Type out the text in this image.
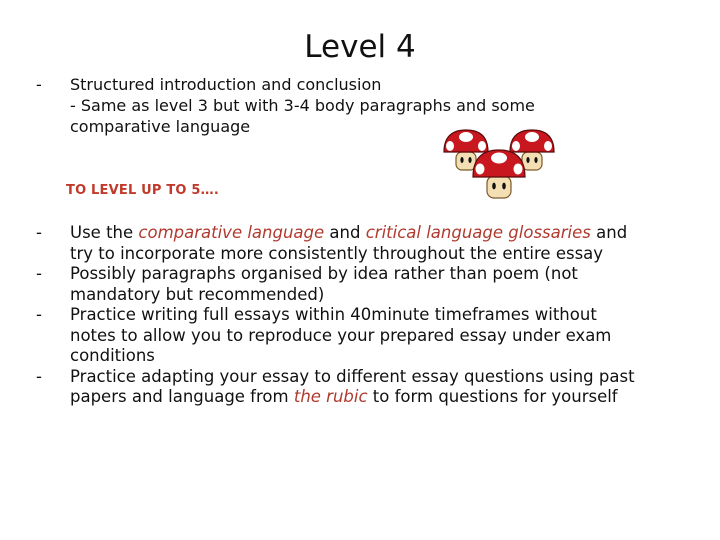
Level 4
- Structured introduction and conclusion
- Same as level 3 but with 3-4 body paragraphs and some
comparative language
TO LEVEL UP TO 5….
- Use the comparative language and critical language glossaries and
try to incorporate more consistently throughout the entire essay
- Possibly paragraphs organised by idea rather than poem (not
mandatory but recommended)
- Practice writing full essays within 40minute timeframes without
notes to allow you to reproduce your prepared essay under exam
conditions
- Practice adapting your essay to different essay questions using past
papers and language from the rubic to form questions for yourself
